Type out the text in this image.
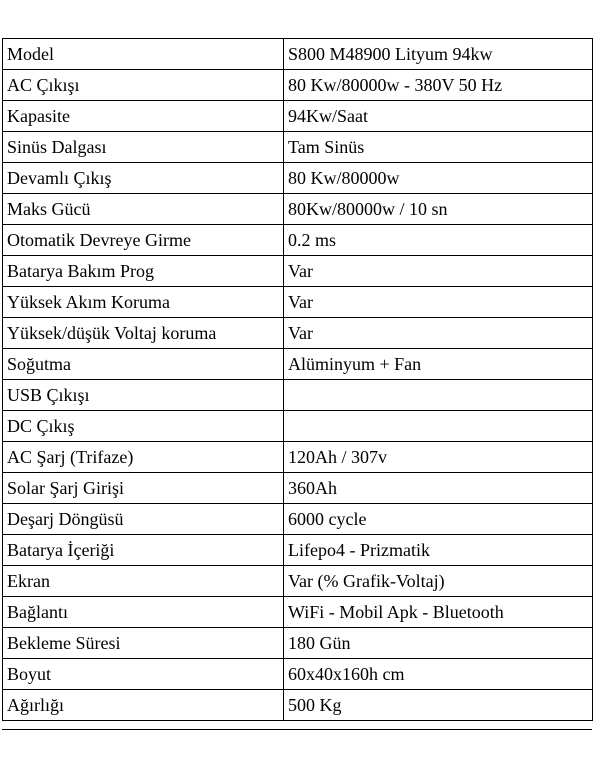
Model	S800 M48900 Lityum 94kw
AC Çıkışı	80 Kw/80000w - 380V 50 Hz
Kapasite	94Kw/Saat
Sinüs Dalgası	Tam Sinüs
Devamlı Çıkış	80 Kw/80000w
Maks Gücü	80Kw/80000w / 10 sn
Otomatik Devreye Girme	0.2 ms
Batarya Bakım Prog	Var
Yüksek Akım Koruma	Var
Yüksek/düşük Voltaj koruma	Var
Soğutma	Alüminyum + Fan
USB Çıkışı	
DC Çıkış	
AC Şarj (Trifaze)	120Ah / 307v
Solar Şarj Girişi	360Ah
Deşarj Döngüsü	6000 cycle
Batarya İçeriği	Lifepo4 - Prizmatik
Ekran	Var (% Grafik-Voltaj)
Bağlantı	WiFi - Mobil Apk - Bluetooth
Bekleme Süresi	180 Gün
Boyut	60x40x160h cm
Ağırlığı	500 Kg
